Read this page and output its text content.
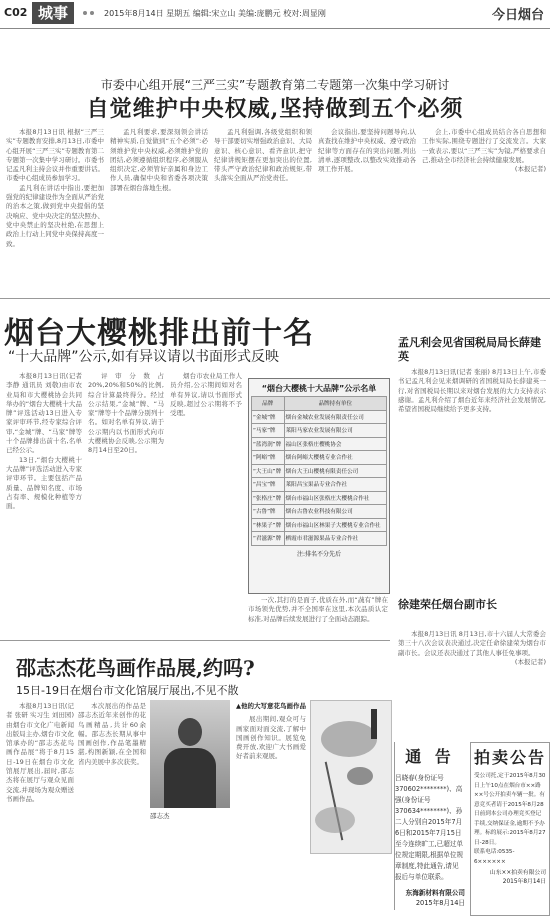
C02 城事	2015年8月14日 星期五 编辑:宋立山 美编:庞鹏元 校对:周显刚	今日烟台
市委中心组开展“三严三实”专题教育第二专题第一次集中学习研讨
自觉维护中央权威,坚持做到五个必须

本报8月13日讯 根据“三严三实”专题教育安排,8月13日,市委中心组开展“三严三实”专题教育第二专题第一次集中学习研讨。市委书记孟凡利主持会议并作重要讲话。市委中心组成员参加学习。

孟凡利在讲话中指出,要把加强党的纪律建设作为全面从严治党的治本之策,做到党中央提倡的坚决响应、党中央决定的坚决照办、党中央禁止的坚决杜绝,在思想上政治上行动上同党中央保持高度一致。

孟凡利要求,要深刻领会讲话精神实质,自觉做到“五个必须”:必须维护党中央权威,必须维护党的团结,必须遵循组织程序,必须服从组织决定,必须管好亲属和身边工作人员,确保中央和省委各项决策部署在烟台落地生根。

孟凡利强调,各级党组织和领导干部要切实增强政治意识、大局意识、核心意识、看齐意识,把守纪律讲规矩摆在更加突出的位置,带头严守政治纪律和政治规矩,带头落实全面从严治党责任。

会议指出,要坚持问题导向,认真查找在维护中央权威、遵守政治纪律等方面存在的突出问题,列出清单,逐项整改,以整改实效推动各项工作开展。

会上,市委中心组成员结合各自思想和工作实际,围绕专题进行了交流发言。大家一致表示,要以“三严三实”为镜,严格要求自己,推动全市经济社会持续健康发展。

(本报记者)

烟台大樱桃排出前十名
“十大品牌”公示,如有异议请以书面形式反映

本报8月13日讯(记者 李静 通讯员 刘敬)由市农业局和市大樱桃协会共同举办的“烟台大樱桃十大品牌”评选活动13日进入专家评审环节,经专家综合评审,“金城”牌、“马家”牌等十个品牌排出前十名,名单已经公示。

13日,“烟台大樱桃十大品牌”评选活动进入专家评审环节。主要包括产品质量、品牌知名度、市场占有率、规模化种植等方面。

评审分数占20%,20%和50%的比例,综合计算最终得分。经过公示结果,“金城”牌、“马家”牌等十个品牌分别列十名。如对名单有异议,请于公示期内以书面形式向市大樱桃协会反映,公示期为8月14日至20日。

烟台市农业局工作人员介绍,公示期间如对名单有异议,请以书面形式反映,超过公示期将不予受理。

“烟台大樱桃十大品牌”公示名单
品牌	品牌持有单位
“金城”牌	烟台金城农业发展有限责任公司
“马家”牌	莱阳马家农业发展有限公司
“蓝湾润”牌	福山区张格庄樱桃协会
“阿峪”牌	烟台阿峪大樱桃专业合作社
“大王山”牌	烟台大王山樱桃有限责任公司
“昌宝”牌	莱阳昌宝果品专业合作社
“张格庄”牌	烟台市福山区张格庄大樱桃合作社
“古鲁”牌	烟台古鲁农业科技有限公司
“林果子”牌	烟台市福山区林果子大樱桃专业合作社
“君滋源”牌	栖霞市君滋源果品专业合作社
注:排名不分先后

一次,其打的是面子,优质在外,而“蔬有”牌在市场领先优势,并不全国率在这里,本次品质认定标准,对品牌后续发展进行了全面动态跟踪。

孟凡利会见省国税局局长薛建英

本报8月13日讯(记者 张丽) 8月13日上午,市委书记孟凡利会见来烟调研的省国税局局长薛建英一行,对省国税局长期以来对烟台发展的大力支持表示感谢。孟凡利介绍了烟台近年来经济社会发展情况,希望省国税局继续给予更多支持。

徐建荣任烟台副市长

本报8月13日讯 8月13日,市十六届人大常委会第三十八次会议表决通过,决定任命徐建荣为烟台市副市长。会议还表决通过了其他人事任免事项。

(本报记者)

邵志杰花鸟画作品展,约吗?
15日-19日在烟台市文化馆展厅展出,不见不散

本报8月13日讯(记者 张研 实习生 刘田园)由烟台市文化广电新闻出版局主办,烟台市文化馆承办的“邵志杰花鸟画作品展”将于8月15日-19日在烟台市文化馆展厅展出,届时,邵志杰将在展厅与观众见面交流,并现场为观众赠送书画作品。

本次展出的作品是邵志杰近年来创作的花鸟画精品,共计60余幅。邵志杰长期从事中国画创作,作品笔墨精湛,构图新颖,在全国和省内美展中多次获奖。

邵志杰
▲他的大写意花鸟画作品

展出期间,观众可与画家面对面交流,了解中国画创作知识。展览免费开放,欢迎广大书画爱好者前来观展。	通 告
吕晓春(身份证号370602********)、高强(身份证号370634********)、孙二人分别自2015年7月6日和2015年7月15日至今连续旷工,已超过单位规定期限,根据单位规章制度,特此通告,请见报后与单位联系。
东海新材料有限公司
2015年8月14日
拍卖公告
受公司托,定于2015年8月30日上午10点在烟台市××路××号公开拍卖车辆一批。有意竞买者请于2015年8月28日前到本公司办理竞买登记手续,交纳保证金,逾期不予办理。标的展示:2015年8月27日-28日。
联系电话:0535-6××××××
山东××拍卖有限公司
2015年8月14日
